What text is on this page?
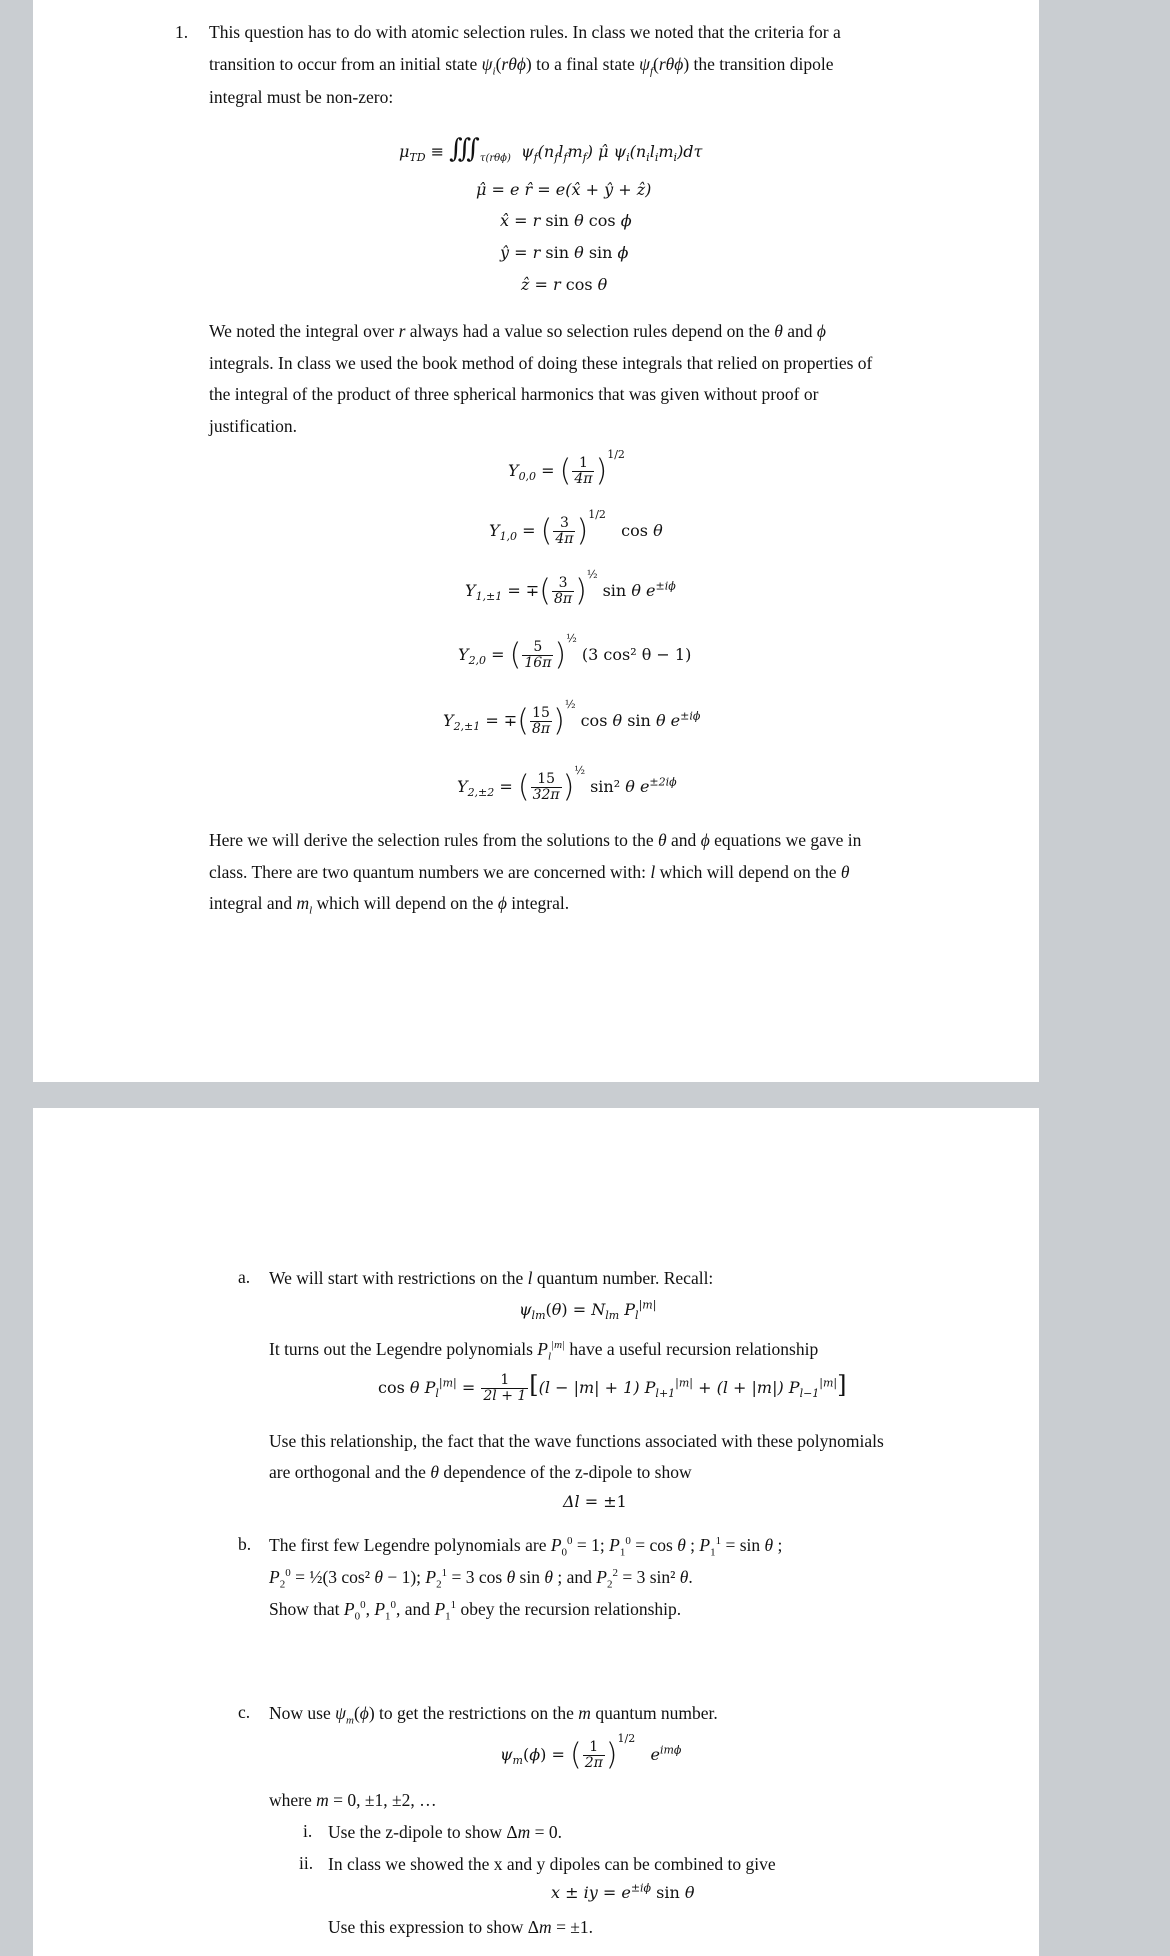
1. This question has to do with atomic selection rules. In class we noted that the criteria for a
transition to occur from an initial state $\psi_i(r\theta\phi)$ to a final state $\psi_f(r\theta\phi)$ the transition dipole
integral must be non-zero:
$\mu_{TD}$ ≡ $∭_{\tau(r\theta\phi)}$  $\psi_f(n_fl_fm_f)$ μ̂ $\psi_i(n_il_im_i)d\tau$
μ̂ = e r̂ = e(x̂ + ŷ + ẑ)
x̂ = r sin θ cos ϕ
ŷ = r sin θ sin ϕ
ẑ = r cos θ
We noted the integral over r always had a value so selection rules depend on the θ and ϕ
integrals. In class we used the book method of doing these integrals that relied on properties of
the integral of the product of three spherical harmonics that was given without proof or
justification.
$Y_{0,0}$ = ( $\frac{1}{4\pi} )^{1/2}$
$Y_{1,0}$ = ( $\frac{3}{4\pi} )^{1/2}$   cos θ
$Y_{1,\pm 1}$ = ∓( $\frac{3}{8\pi} )^{\frac{1}{2}}$ sin θ $e^{\pm i\phi}$
$Y_{2,0}$ = ( $\frac{5}{16\pi} )^{\frac{1}{2}}$ (3 cos² θ − 1)
$Y_{2,\pm 1}$ = ∓( $\frac{15}{8\pi} )^{\frac{1}{2}}$ cos θ sin θ $e^{\pm i\phi}$
$Y_{2,\pm 2}$ = ( $\frac{15}{32\pi} )^{\frac{1}{2}}$ sin² θ $e^{\pm 2i\phi}$
Here we will derive the selection rules from the solutions to the θ and ϕ equations we gave in
class. There are two quantum numbers we are concerned with: l which will depend on the θ
integral and $m_l$ which will depend on the ϕ integral.
a. We will start with restrictions on the l quantum number. Recall:
$\psi_{lm}(\theta) = N_{lm}$ $P_l^{|m|}$
It turns out the Legendre polynomials $P_l^{|m|}$ have a useful recursion relationship
cos θ $P_l^{|m|} = \frac{1}{2l + 1} [(l - |m| + 1) P_{l+1}^{|m|} + (l + |m|)$ $P_{l-1}^{|m|}$]
Use this relationship, the fact that the wave functions associated with these polynomials
are orthogonal and the θ dependence of the z-dipole to show
Δl = ±1
b. The first few Legendre polynomials are $P_0^0 = 1$; $P_1^0 = \cos \theta$ ; $P_1^1 = \sin \theta$ ;
$P_2^0$ = ½(3 cos² θ − 1); $P_2^1 = 3$ cos θ sin θ ; and $P_2^2 = 3$ sin² θ.
Show that $P_0^0$, $P_1^0$, and $P_1^1$ obey the recursion relationship.
c. Now use $\psi_m(\phi)$ to get the restrictions on the m quantum number.
$\psi_m(\phi)$ = ( $\frac{1}{2\pi} )^{1/2}$   $e^{im\phi}$
where m = 0, ±1, ±2, …
i. Use the z-dipole to show Δm = 0.
ii. In class we showed the x and y dipoles can be combined to give
x ± iy = $e^{\pm i\phi}$ sin θ
Use this expression to show Δm = ±1.
